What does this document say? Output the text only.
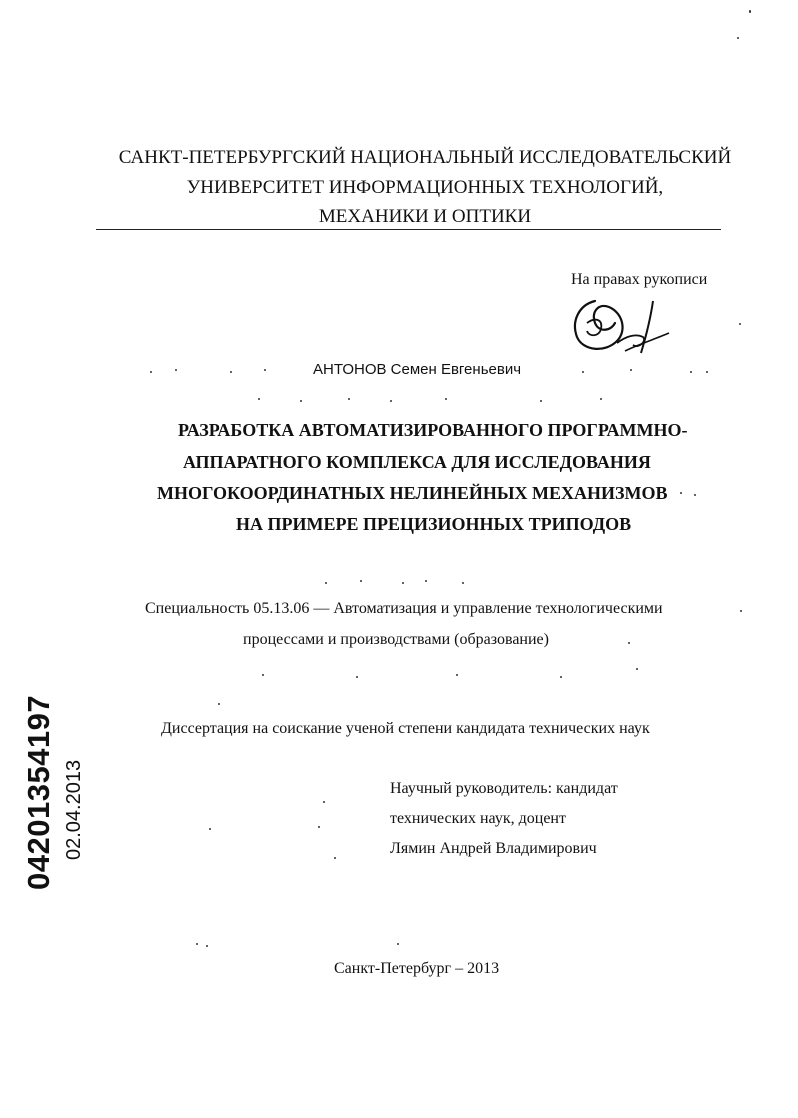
САНКТ-ПЕТЕРБУРГСКИЙ НАЦИОНАЛЬНЫЙ ИССЛЕДОВАТЕЛЬСКИЙ
УНИВЕРСИТЕТ ИНФОРМАЦИОННЫХ ТЕХНОЛОГИЙ,
МЕХАНИКИ И ОПТИКИ
На правах рукописи
АНТОНОВ Семен Евгеньевич
РАЗРАБОТКА АВТОМАТИЗИРОВАННОГО ПРОГРАММНО-
АППАРАТНОГО КОМПЛЕКСА ДЛЯ ИССЛЕДОВАНИЯ
МНОГОКООРДИНАТНЫХ НЕЛИНЕЙНЫХ МЕХАНИЗМОВ
НА ПРИМЕРЕ ПРЕЦИЗИОННЫХ ТРИПОДОВ
Специальность 05.13.06 — Автоматизация и управление технологическими
процессами и производствами (образование)
Диссертация на соискание ученой степени кандидата технических наук
Научный руководитель: кандидат
технических наук, доцент
Лямин Андрей Владимирович
Санкт-Петербург – 2013
04201354197 02.04.2013
